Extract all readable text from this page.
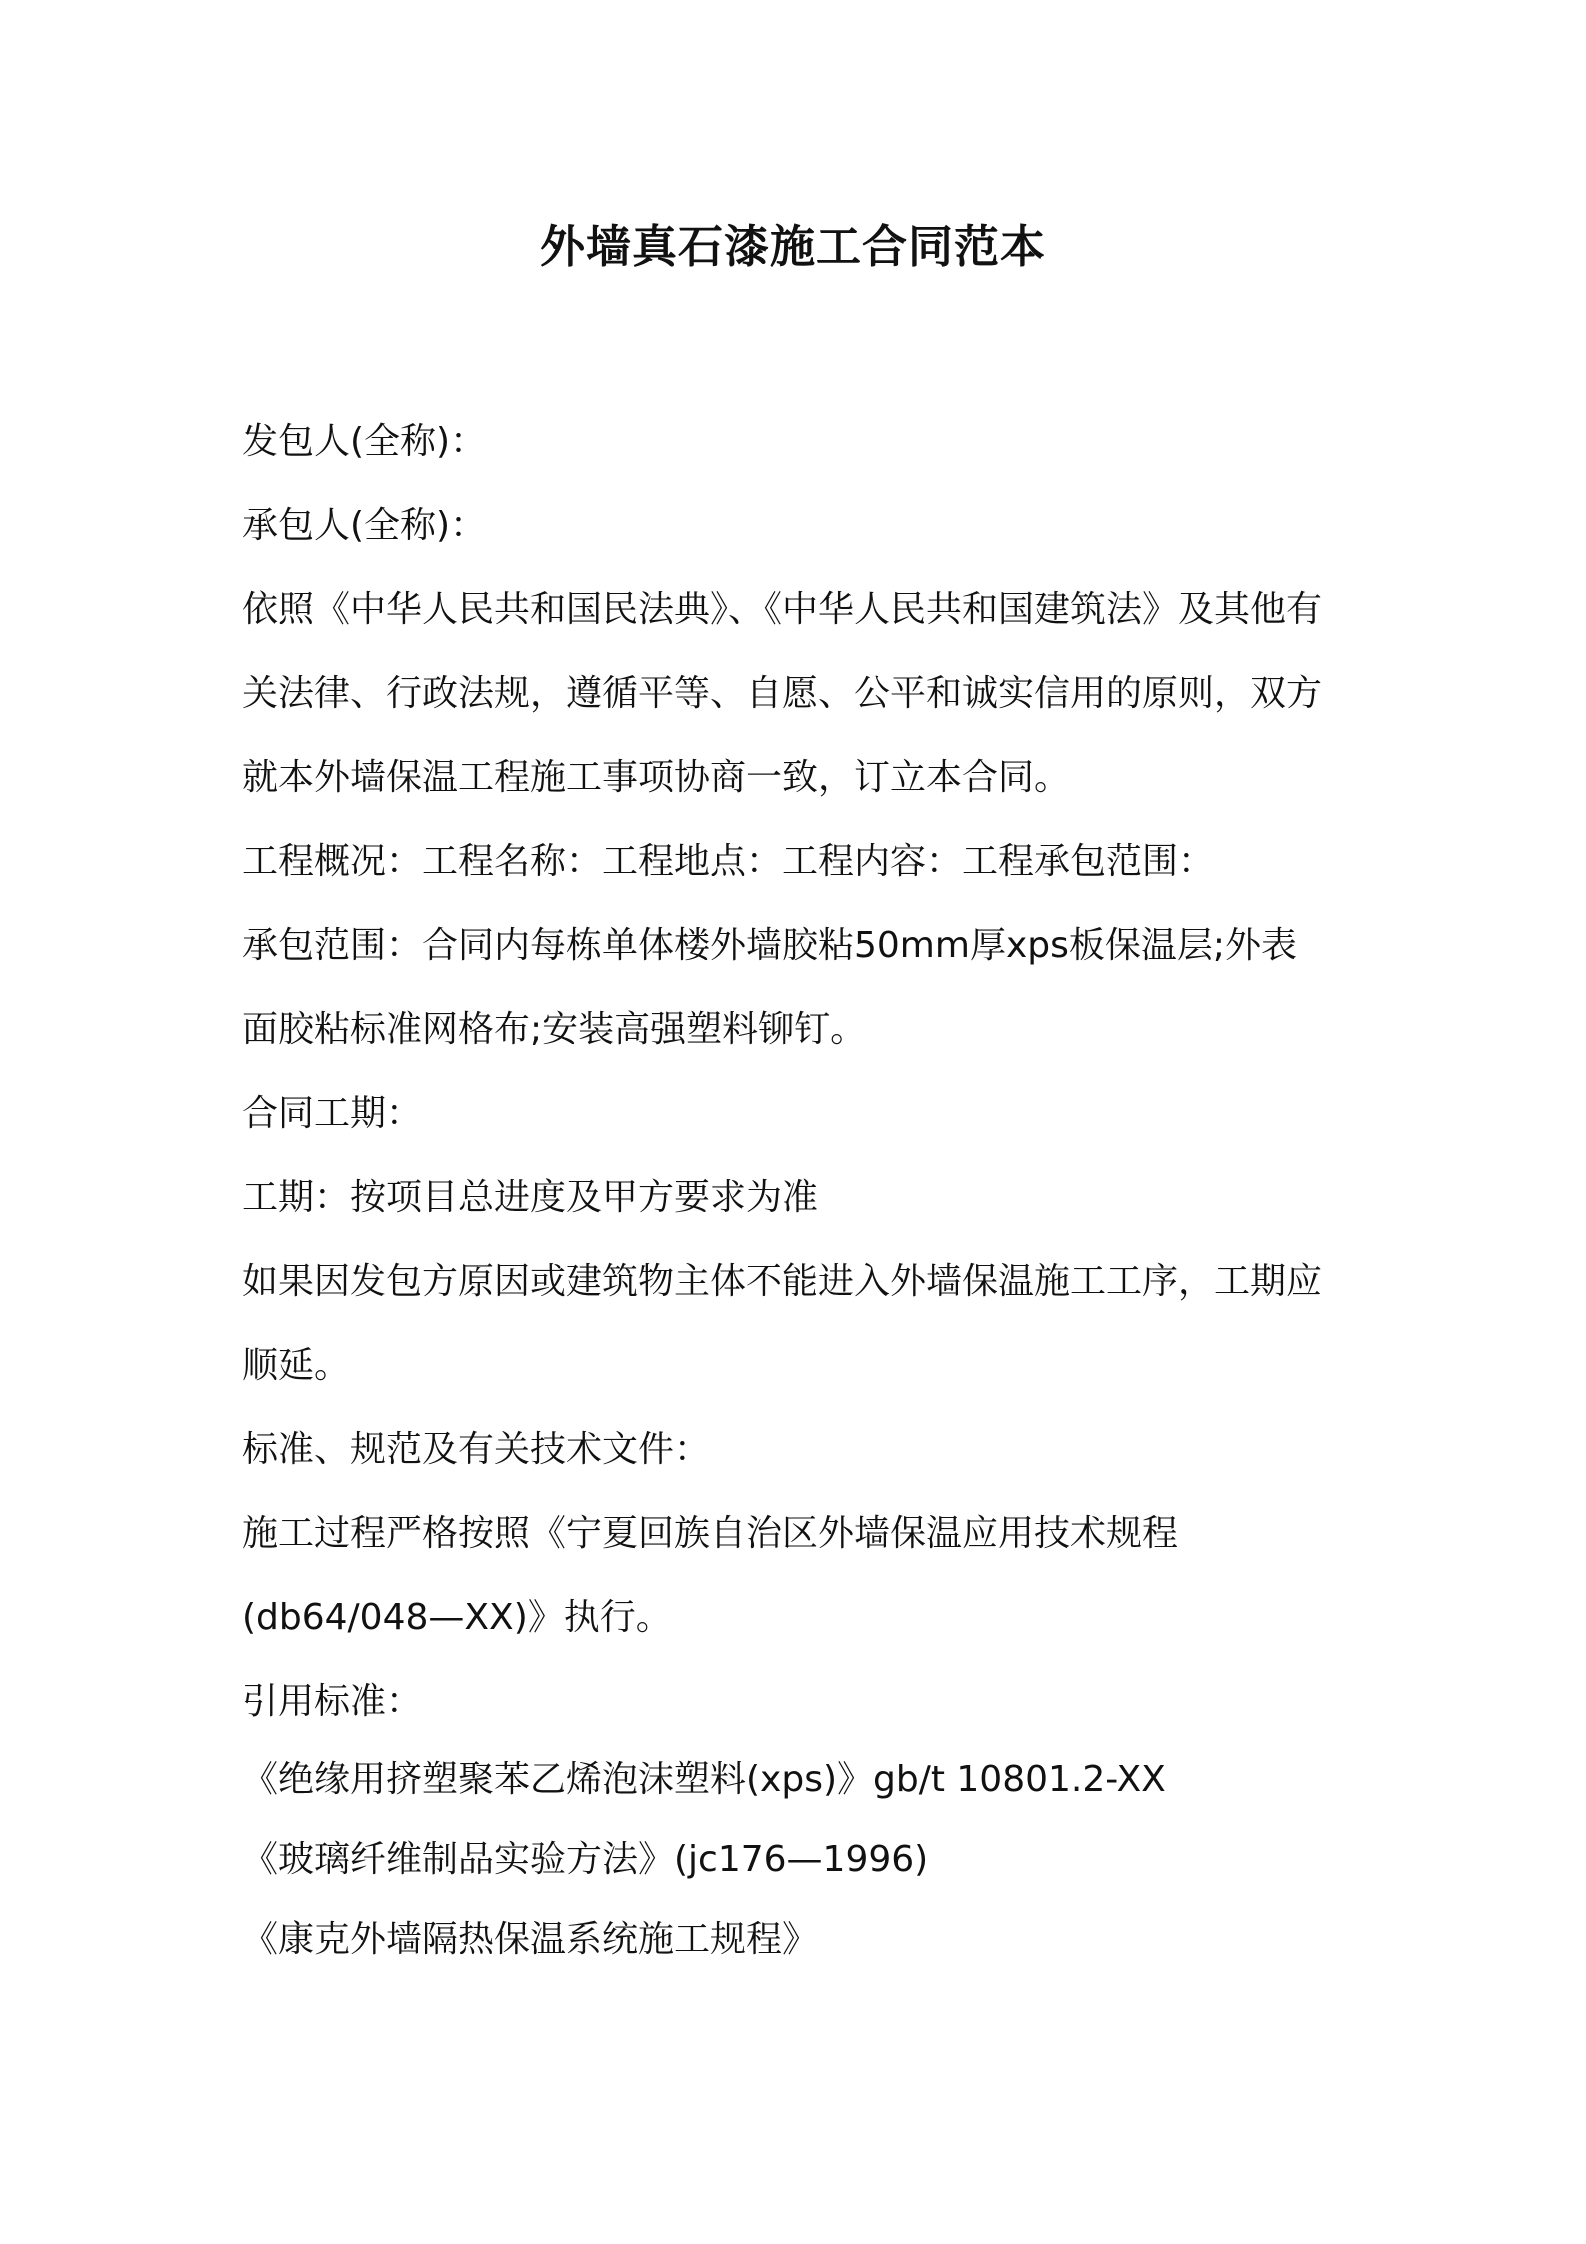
外墙真石漆施工合同范本
发包人(全称)：
承包人(全称)：
依照《中华人民共和国民法典》、《中华人民共和国建筑法》及其他有
关法律、行政法规，遵循平等、自愿、公平和诚实信用的原则，双方
就本外墙保温工程施工事项协商一致，订立本合同。
工程概况：工程名称：工程地点：工程内容：工程承包范围：
承包范围：合同内每栋单体楼外墙胶粘50mm厚xps板保温层;外表
面胶粘标准网格布;安装高强塑料铆钉。
合同工期：
工期：按项目总进度及甲方要求为准
如果因发包方原因或建筑物主体不能进入外墙保温施工工序，工期应
顺延。
标准、规范及有关技术文件：
施工过程严格按照《宁夏回族自治区外墙保温应用技术规程
(db64/048—XX)》执行。
引用标准：
《绝缘用挤塑聚苯乙烯泡沫塑料(xps)》gb/t 10801.2-XX
《玻璃纤维制品实验方法》(jc176—1996)
《康克外墙隔热保温系统施工规程》
